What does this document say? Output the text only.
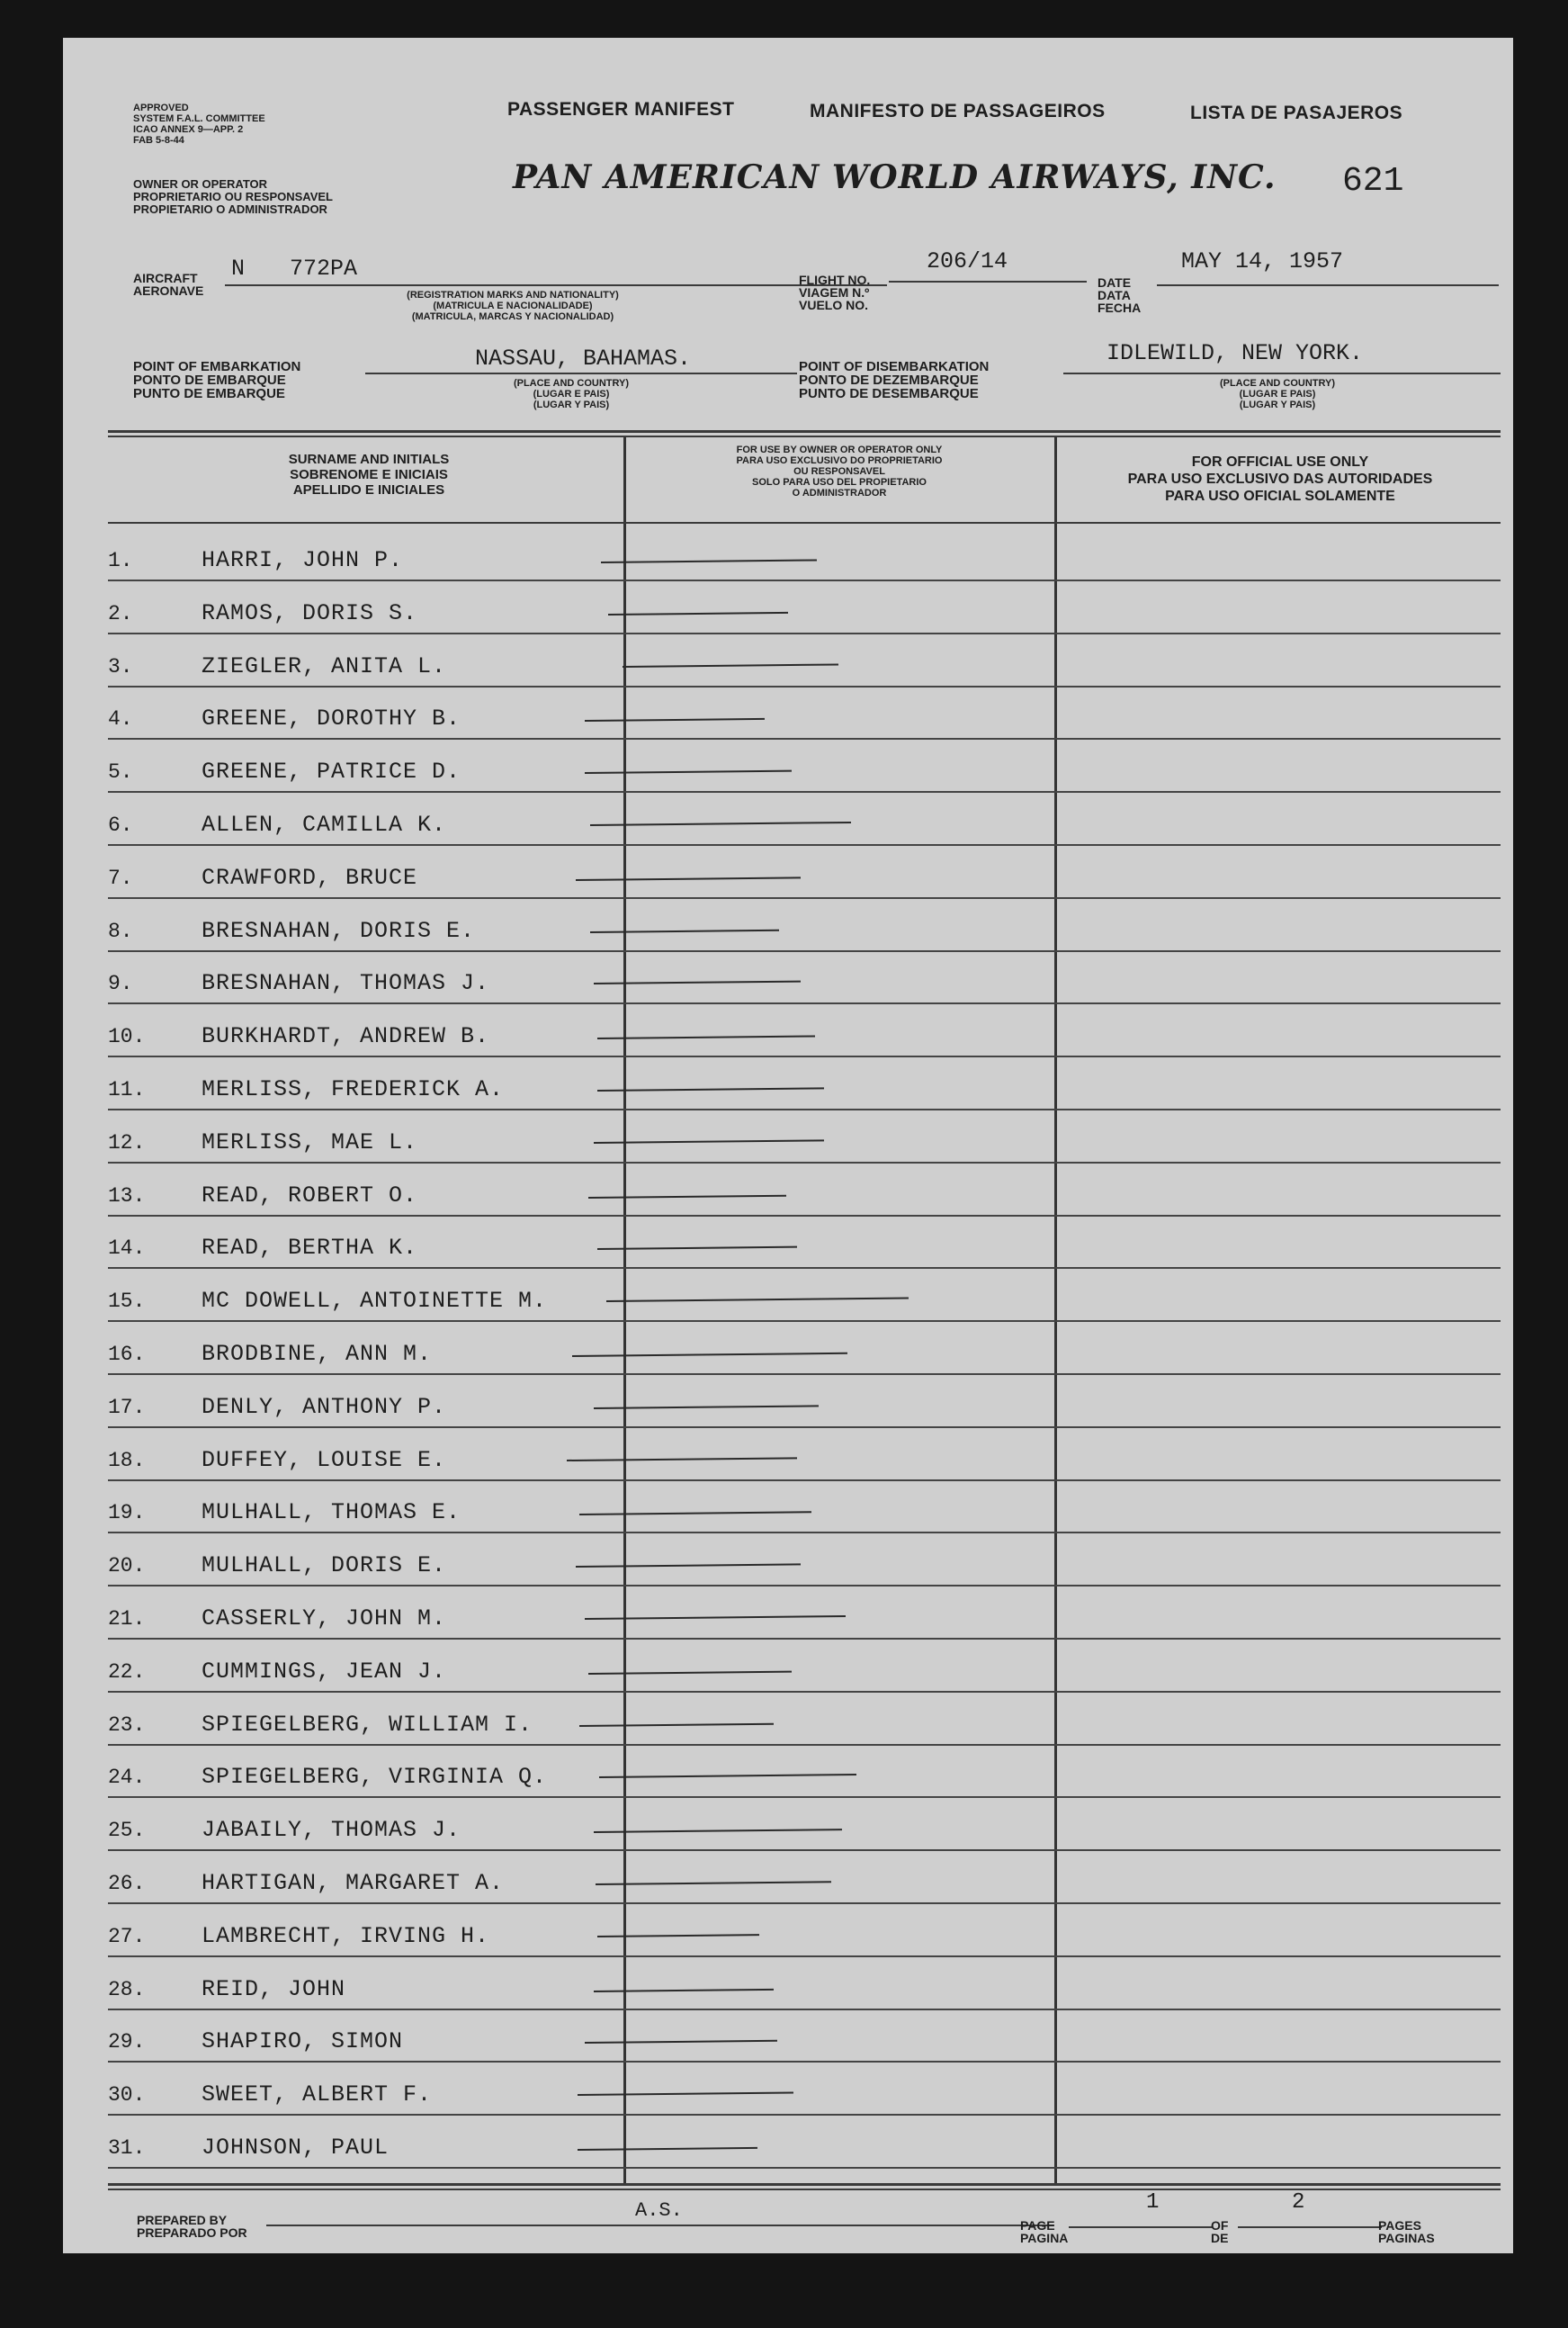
APPROVED
SYSTEM F.A.L. COMMITTEE
ICAO ANNEX 9—APP. 2
FAB 5-8-44
OWNER OR OPERATOR
PROPRIETARIO OU RESPONSAVEL
PROPIETARIO O ADMINISTRADOR
PASSENGER MANIFEST	MANIFESTO DE PASSAGEIROS	LISTA DE PASAJEROS
PAN AMERICAN WORLD AIRWAYS, INC. 621
AIRCRAFT
AERONAVE
N 772PA
(REGISTRATION MARKS AND NATIONALITY)
(MATRICULA E NACIONALIDADE)
(MATRICULA, MARCAS Y NACIONALIDAD)
FLIGHT NO.
VIAGEM N.º
VUELO NO.
206/14
DATE
DATA
FECHA
MAY 14, 1957
POINT OF EMBARKATION
PONTO DE EMBARQUE
PUNTO DE EMBARQUE
NASSAU, BAHAMAS.
(PLACE AND COUNTRY)
(LUGAR E PAIS)
(LUGAR Y PAIS)
POINT OF DISEMBARKATION
PONTO DE DEZEMBARQUE
PUNTO DE DESEMBARQUE
IDLEWILD, NEW YORK.
(PLACE AND COUNTRY)
(LUGAR E PAIS)
(LUGAR Y PAIS)
SURNAME AND INITIALS
SOBRENOME E INICIAIS
APELLIDO E INICIALES
FOR USE BY OWNER OR OPERATOR ONLY
PARA USO EXCLUSIVO DO PROPRIETARIO
OU RESPONSAVEL
SOLO PARA USO DEL PROPIETARIO
O ADMINISTRADOR
FOR OFFICIAL USE ONLY
PARA USO EXCLUSIVO DAS AUTORIDADES
PARA USO OFICIAL SOLAMENTE
PREPARED BY
PREPARADO POR
A.S.
PAGE
PAGINA
1
OF
DE
2
PAGES
PAGINAS
1.	HARRI, JOHN P.
2.	RAMOS, DORIS S.
3.	ZIEGLER, ANITA L.
4.	GREENE, DOROTHY B.
5.	GREENE, PATRICE D.
6.	ALLEN, CAMILLA K.
7.	CRAWFORD, BRUCE
8.	BRESNAHAN, DORIS E.
9.	BRESNAHAN, THOMAS J.
10.	BURKHARDT, ANDREW B.
11.	MERLISS, FREDERICK A.
12.	MERLISS, MAE L.
13.	READ, ROBERT O.
14.	READ, BERTHA K.
15.	MC DOWELL, ANTOINETTE M.
16.	BRODBINE, ANN M.
17.	DENLY, ANTHONY P.
18.	DUFFEY, LOUISE E.
19.	MULHALL, THOMAS E.
20.	MULHALL, DORIS E.
21.	CASSERLY, JOHN M.
22.	CUMMINGS, JEAN J.
23.	SPIEGELBERG, WILLIAM I.
24.	SPIEGELBERG, VIRGINIA Q.
25.	JABAILY, THOMAS J.
26.	HARTIGAN, MARGARET A.
27.	LAMBRECHT, IRVING H.
28.	REID, JOHN
29.	SHAPIRO, SIMON
30.	SWEET, ALBERT F.
31.	JOHNSON, PAUL
